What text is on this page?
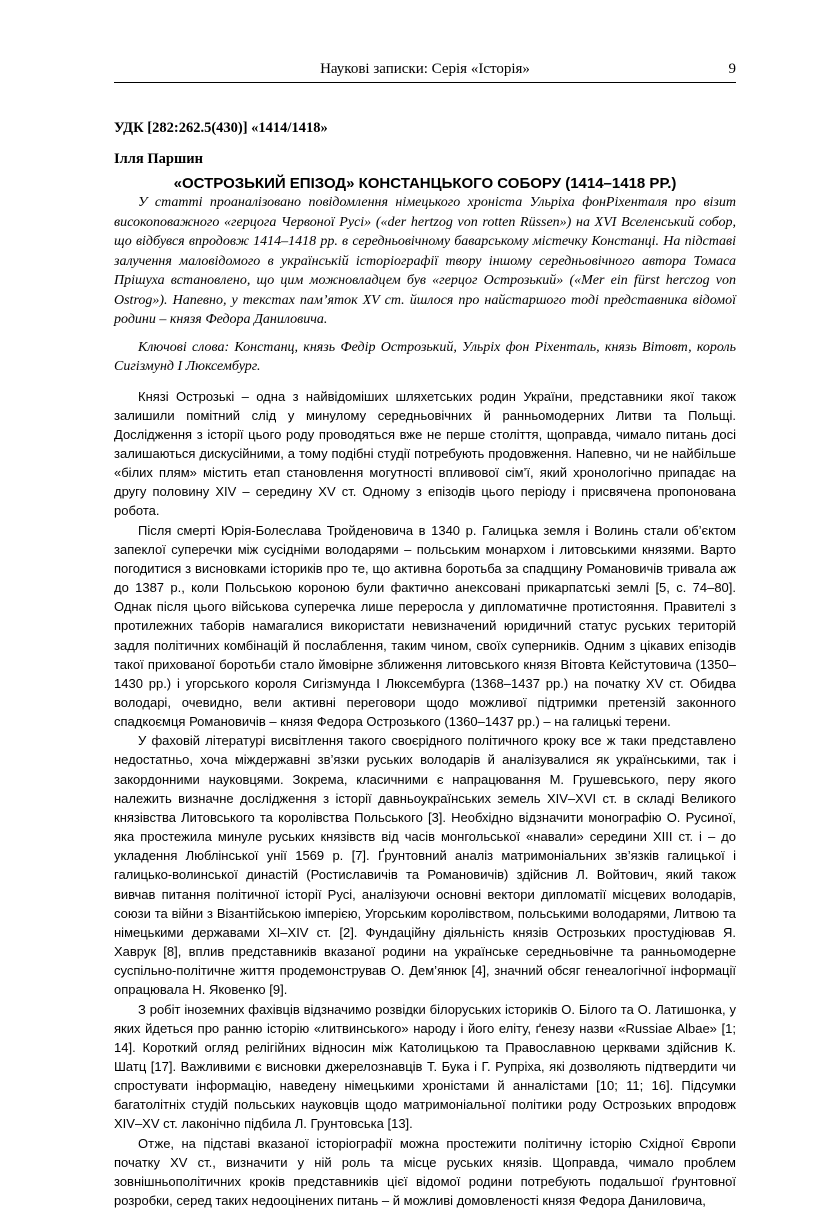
Наукові записки: Серія «Історія»	9

УДК [282:262.5(430)] «1414/1418»

Ілля Паршин

«ОСТРОЗЬКИЙ ЕПІЗОД» КОНСТАНЦЬКОГО СОБОРУ (1414–1418 РР.)

У статті проаналізовано повідомлення німецького хроніста Ульріха фонРіхенталя про візит високоповажного «герцога Червоної Русі» («der hertzog von rotten Rüssen») на XVI Вселенський собор, що відбувся впродовж 1414–1418 рр. в середньовічному баварському містечку Констанці. На підставі залучення маловідомого в українській історіографії твору іншому середньовічного автора Томаса Прішуха встановлено, що цим можновладцем був «герцог Острозький» («Mer ein fürst herczog von Ostrog»). Напевно, у текстах пам’яток XV ст. йшлося про найстаршого тоді представника відомої родини – князя Федора Даниловича.

Ключові слова: Констанц, князь Федір Острозький, Ульріх фон Ріхенталь, князь Вітовт, король Сигізмунд I Люксембург.

Князі Острозькі – одна з найвідоміших шляхетських родин України, представники якої також залишили помітний слід у минулому середньовічних й ранньомодерних Литви та Польщі. Дослідження з історії цього роду проводяться вже не перше століття, щоправда, чимало питань досі залишаються дискусійними, а тому подібні студії потребують продовження. Напевно, чи не найбільше «білих плям» містить етап становлення могутності впливової сім’ї, який хронологічно припадає на другу половину XIV – середину XV ст. Одному з епізодів цього періоду і присвячена пропонована робота.

Після смерті Юрія-Болеслава Тройденовича в 1340 р. Галицька земля і Волинь стали об’єктом запеклої суперечки між сусідніми володарями – польським монархом і литовськими князями. Варто погодитися з висновками істориків про те, що активна боротьба за спадщину Романовичів тривала аж до 1387 р., коли Польською короною були фактично анексовані прикарпатські землі [5, с. 74–80]. Однак після цього військова суперечка лише переросла у дипломатичне протистояння. Правителі з протилежних таборів намагалися використати невизначений юридичний статус руських територій задля політичних комбінацій й послаблення, таким чином, своїх суперників. Одним з цікавих епізодів такої прихованої боротьби стало ймовірне зближення литовського князя Вітовта Кейстутовича (1350–1430 рр.) і угорського короля Сигізмунда I Люксембурга (1368–1437 рр.) на початку XV ст. Обидва володарі, очевидно, вели активні переговори щодо можливої підтримки претензій законного спадкоємця Романовичів – князя Федора Острозького (1360–1437 рр.) – на галицькі терени.

У фаховій літературі висвітлення такого своєрідного політичного кроку все ж таки представлено недостатньо, хоча міждержавні зв’язки руських володарів й аналізувалися як українськими, так і закордонними науковцями. Зокрема, класичними є напрацювання М. Грушевського, перу якого належить визначне дослідження з історії давньоукраїнських земель XIV–XVI ст. в складі Великого князівства Литовського та королівства Польського [3]. Необхідно відзначити монографію О. Русиної, яка простежила минуле руських князівств від часів монгольської «навали» середини XIII ст. і – до укладення Люблінської унії 1569 р. [7]. Ґрунтовний аналіз матримоніальних зв’язків галицької і галицько-волинської династій (Ростиславичів та Романовичів) здійснив Л. Войтович, який також вивчав питання політичної історії Русі, аналізуючи основні вектори дипломатії місцевих володарів, союзи та війни з Візантійською імперією, Угорським королівством, польськими володарями, Литвою та німецькими державами XI–XIV ст. [2]. Фундаційну діяльність князів Острозьких простудіював Я. Хаврук [8], вплив представників вказаної родини на українське середньовічне та ранньомодерне суспільно-політичне життя продемонстрував О. Дем’янюк [4], значний обсяг генеалогічної інформації опрацювала Н. Яковенко [9].

З робіт іноземних фахівців відзначимо розвідки білоруських істориків О. Білого та О. Латишонка, у яких йдеться про ранню історію «литвинського» народу і його еліту, ґенезу назви «Russiae Albae» [1; 14]. Короткий огляд релігійних відносин між Католицькою та Православною церквами здійснив К. Шатц [17]. Важливими є висновки джерелознавців Т. Бука і Г. Рупріха, які дозволяють підтвердити чи спростувати інформацію, наведену німецькими хроністами й анналістами [10; 11; 16]. Підсумки багатолітніх студій польських науковців щодо матримоніальної політики роду Острозьких впродовж XIV–XV ст. лаконічно підбила Л. Грунтовська [13].

Отже, на підставі вказаної історіографії можна простежити політичну історію Східної Європи початку XV ст., визначити у ній роль та місце руських князів. Щоправда, чимало проблем зовнішньополітичних кроків представників цієї відомої родини потребують подальшої ґрунтовної розробки, серед таких недооцінених питань – й можливі домовленості князя Федора Даниловича,
